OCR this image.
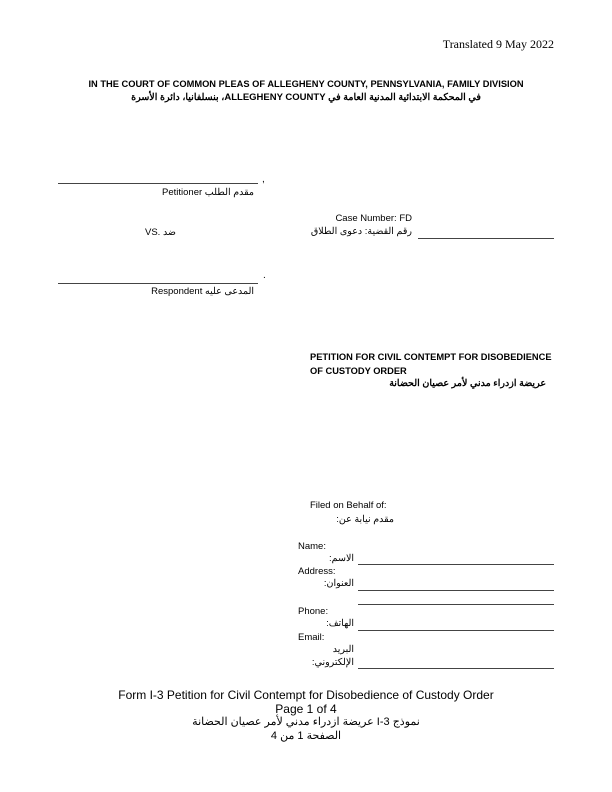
Translated 9 May 2022
IN THE COURT OF COMMON PLEAS OF ALLEGHENY COUNTY, PENNSYLVANIA, FAMILY DIVISION
في المحكمة الابتدائية المدنية العامة في ALLEGHENY COUNTY، بنسلفانيا، دائرة الأسرة
,
Petitioner مقدم الطلب
Case Number: FD
رقم القضية: دعوى الطلاق
VS. ضد
.
Respondent المدعى عليه
PETITION FOR CIVIL CONTEMPT FOR DISOBEDIENCE
OF CUSTODY ORDER
عريضة ازدراء مدني لأمر عصيان الحضانة
Filed on Behalf of:
مقدم نيابة عن:
Name:
الاسم:
Address:
العنوان:
Phone:
الهاتف:
Email:
البريد
الإلكتروني:
Form I-3 Petition for Civil Contempt for Disobedience of Custody Order
Page 1 of 4
نموذج I-3 عريضة ازدراء مدني لأمر عصيان الحضانة
الصفحة 1 من 4
